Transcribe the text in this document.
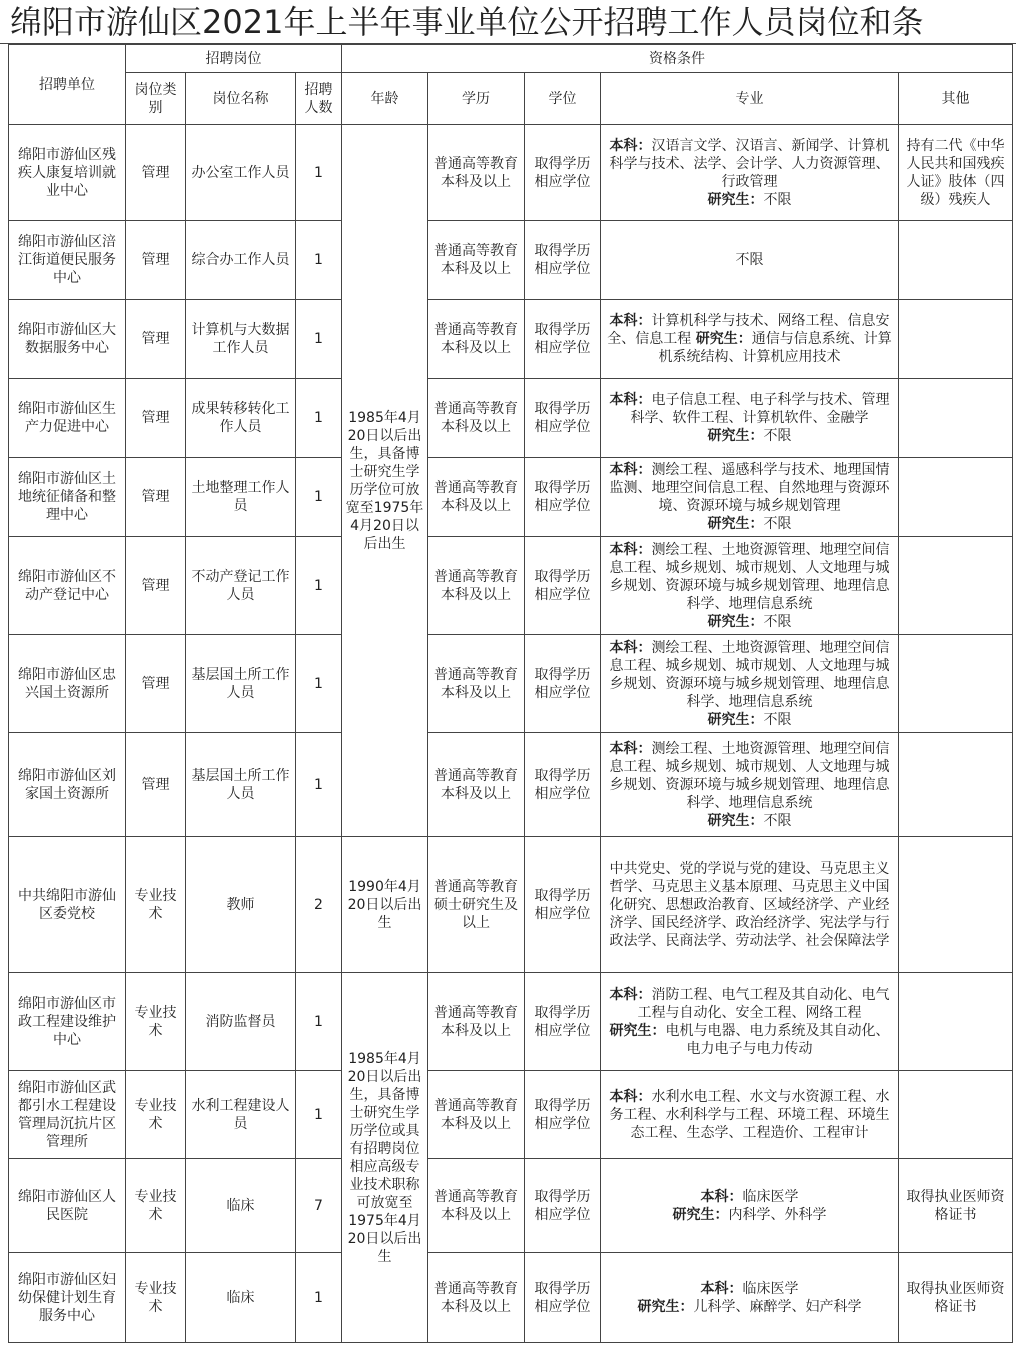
绵阳市游仙区2021年上半年事业单位公开招聘工作人员岗位和条
招聘单位	招聘岗位			资格条件				
	岗位类别	岗位名称	招聘人数	年龄	学历	学位	专业	其他
绵阳市游仙区残疾人康复培训就业中心	管理	办公室工作人员	1	1985年4月20日以后出生，具备博士研究生学历学位可放宽至1975年4月20日以后出生	普通高等教育本科及以上	取得学历相应学位	本科：汉语言文学、汉语言、新闻学、计算机科学与技术、法学、会计学、人力资源管理、行政管理
研究生：不限	持有二代《中华人民共和国残疾人证》肢体（四级）残疾人
绵阳市游仙区涪江街道便民服务中心	管理	综合办工作人员	1		普通高等教育本科及以上	取得学历相应学位	不限	
绵阳市游仙区大数据服务中心	管理	计算机与大数据工作人员	1		普通高等教育本科及以上	取得学历相应学位	本科：计算机科学与技术、网络工程、信息安全、信息工程 研究生：通信与信息系统、计算机系统结构、计算机应用技术	
绵阳市游仙区生产力促进中心	管理	成果转移转化工作人员	1		普通高等教育本科及以上	取得学历相应学位	本科：电子信息工程、电子科学与技术、管理科学、软件工程、计算机软件、金融学
研究生：不限	
绵阳市游仙区土地统征储备和整理中心	管理	土地整理工作人员	1		普通高等教育本科及以上	取得学历相应学位	本科：测绘工程、遥感科学与技术、地理国情监测、地理空间信息工程、自然地理与资源环境、资源环境与城乡规划管理
研究生：不限	
绵阳市游仙区不动产登记中心	管理	不动产登记工作人员	1		普通高等教育本科及以上	取得学历相应学位	本科：测绘工程、土地资源管理、地理空间信息工程、城乡规划、城市规划、人文地理与城乡规划、资源环境与城乡规划管理、地理信息科学、地理信息系统
研究生：不限	
绵阳市游仙区忠兴国土资源所	管理	基层国土所工作人员	1		普通高等教育本科及以上	取得学历相应学位	本科：测绘工程、土地资源管理、地理空间信息工程、城乡规划、城市规划、人文地理与城乡规划、资源环境与城乡规划管理、地理信息科学、地理信息系统
研究生：不限	
绵阳市游仙区刘家国土资源所	管理	基层国土所工作人员	1		普通高等教育本科及以上	取得学历相应学位	本科：测绘工程、土地资源管理、地理空间信息工程、城乡规划、城市规划、人文地理与城乡规划、资源环境与城乡规划管理、地理信息科学、地理信息系统
研究生：不限	
中共绵阳市游仙区委党校	专业技术	教师	2	1990年4月20日以后出生	普通高等教育硕士研究生及以上	取得学历相应学位	中共党史、党的学说与党的建设、马克思主义哲学、马克思主义基本原理、马克思主义中国化研究、思想政治教育、区域经济学、产业经济学、国民经济学、政治经济学、宪法学与行政法学、民商法学、劳动法学、社会保障法学	
绵阳市游仙区市政工程建设维护中心	专业技术	消防监督员	1	1985年4月20日以后出生，具备博士研究生学历学位或具有招聘岗位相应高级专业技术职称可放宽至1975年4月20日以后出生	普通高等教育本科及以上	取得学历相应学位	本科：消防工程、电气工程及其自动化、电气工程与自动化、安全工程、网络工程
研究生：电机与电器、电力系统及其自动化、电力电子与电力传动	
绵阳市游仙区武都引水工程建设管理局沉抗片区管理所	专业技术	水利工程建设人员	1		普通高等教育本科及以上	取得学历相应学位	本科：水利水电工程、水文与水资源工程、水务工程、水利科学与工程、环境工程、环境生态工程、生态学、工程造价、工程审计	
绵阳市游仙区人民医院	专业技术	临床	7		普通高等教育本科及以上	取得学历相应学位	本科：临床医学
研究生：内科学、外科学	取得执业医师资格证书
绵阳市游仙区妇幼保健计划生育服务中心	专业技术	临床	1		普通高等教育本科及以上	取得学历相应学位	本科：临床医学
研究生：儿科学、麻醉学、妇产科学	取得执业医师资格证书
